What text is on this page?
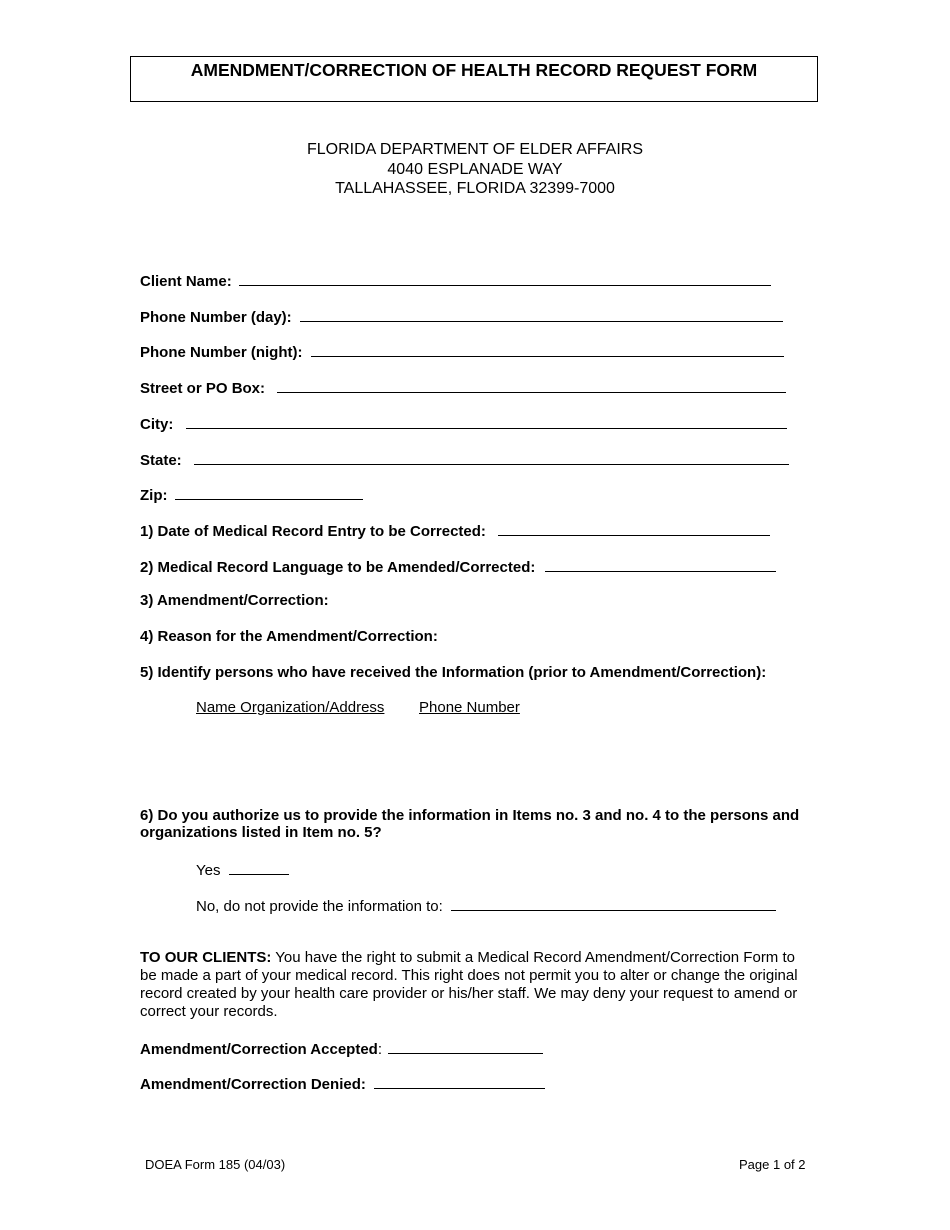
AMENDMENT/CORRECTION OF HEALTH RECORD REQUEST FORM
FLORIDA DEPARTMENT OF ELDER AFFAIRS
4040 ESPLANADE WAY
TALLAHASSEE, FLORIDA 32399-7000
Client Name:
Phone Number (day):
Phone Number (night):
Street or PO Box:
City:
State:
Zip:
1) Date of Medical Record Entry to be Corrected:
2) Medical Record Language to be Amended/Corrected:
3) Amendment/Correction:
4) Reason for the Amendment/Correction:
5) Identify persons who have received the Information (prior to Amendment/Correction):
Name Organization/Address Phone Number
6) Do you authorize us to provide the information in Items no. 3 and no. 4 to the persons and organizations listed in Item no. 5?
Yes
No, do not provide the information to:
TO OUR CLIENTS: You have the right to submit a Medical Record Amendment/Correction Form to be made a part of your medical record. This right does not permit you to alter or change the original record created by your health care provider or his/her staff. We may deny your request to amend or correct your records.
Amendment/Correction Accepted:
Amendment/Correction Denied:
DOEA Form 185 (04/03)	Page 1 of 2
